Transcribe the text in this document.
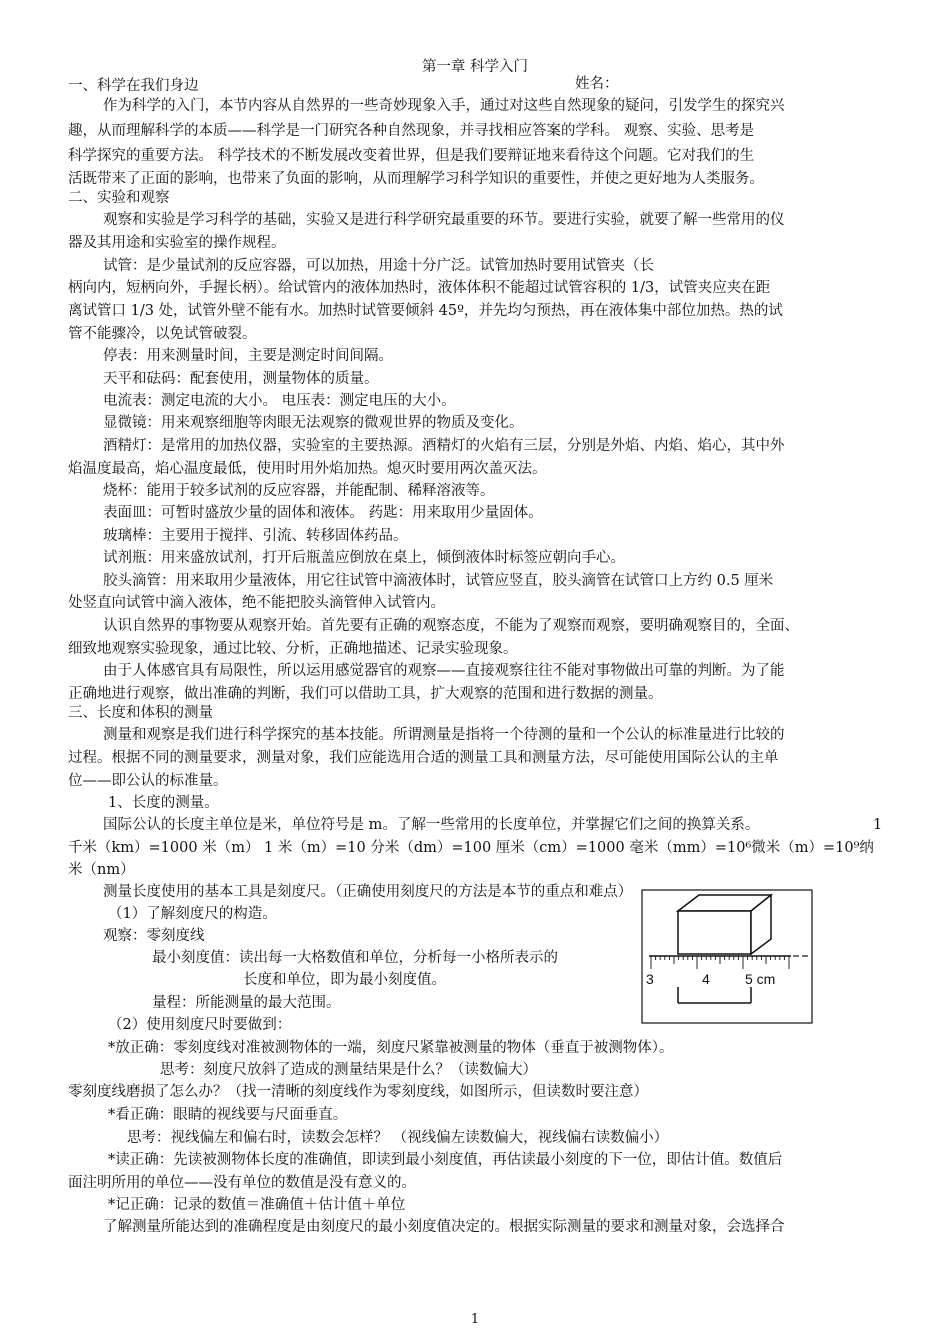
第一章 科学入门
姓名：
一、科学在我们身边
作为科学的入门，本节内容从自然界的一些奇妙现象入手，通过对这些自然现象的疑问，引发学生的探究兴
趣，从而理解科学的本质——科学是一门研究各种自然现象，并寻找相应答案的学科。 观察、实验、思考是
科学探究的重要方法。 科学技术的不断发展改变着世界，但是我们要辩证地来看待这个问题。它对我们的生
活既带来了正面的影响，也带来了负面的影响，从而理解学习科学知识的重要性，并使之更好地为人类服务。
二、实验和观察
观察和实验是学习科学的基础，实验又是进行科学研究最重要的环节。要进行实验，就要了解一些常用的仪
器及其用途和实验室的操作规程。
试管：是少量试剂的反应容器，可以加热，用途十分广泛。试管加热时要用试管夹（长
柄向内，短柄向外，手握长柄）。给试管内的液体加热时，液体体积不能超过试管容积的 1/3，试管夹应夹在距
离试管口 1/3 处，试管外壁不能有水。加热时试管要倾斜 45º，并先均匀预热，再在液体集中部位加热。热的试
管不能骤冷，以免试管破裂。
停表：用来测量时间，主要是测定时间间隔。
天平和砝码：配套使用，测量物体的质量。
电流表：测定电流的大小。 电压表：测定电压的大小。
显微镜：用来观察细胞等肉眼无法观察的微观世界的物质及变化。
酒精灯：是常用的加热仪器，实验室的主要热源。酒精灯的火焰有三层，分别是外焰、内焰、焰心，其中外
焰温度最高，焰心温度最低，使用时用外焰加热。熄灭时要用两次盖灭法。
烧杯：能用于较多试剂的反应容器，并能配制、稀释溶液等。
表面皿：可暂时盛放少量的固体和液体。 药匙：用来取用少量固体。
玻璃棒：主要用于搅拌、引流、转移固体药品。
试剂瓶：用来盛放试剂，打开后瓶盖应倒放在桌上，倾倒液体时标签应朝向手心。
胶头滴管：用来取用少量液体，用它往试管中滴液体时，试管应竖直，胶头滴管在试管口上方约 0.5 厘米
处竖直向试管中滴入液体，绝不能把胶头滴管伸入试管内。
认识自然界的事物要从观察开始。首先要有正确的观察态度，不能为了观察而观察，要明确观察目的，全面、
细致地观察实验现象，通过比较、分析，正确地描述、记录实验现象。
由于人体感官具有局限性，所以运用感觉器官的观察——直接观察往往不能对事物做出可靠的判断。为了能
正确地进行观察，做出准确的判断，我们可以借助工具，扩大观察的范围和进行数据的测量。
三、长度和体积的测量
测量和观察是我们进行科学探究的基本技能。所谓测量是指将一个待测的量和一个公认的标准量进行比较的
过程。根据不同的测量要求，测量对象，我们应能选用合适的测量工具和测量方法，尽可能使用国际公认的主单
位——即公认的标准量。
1、长度的测量。
国际公认的长度主单位是米，单位符号是 m。了解一些常用的长度单位，并掌握它们之间的换算关系。	1
千米（km）=1000 米（m） 1 米（m）=10 分米（dm）=100 厘米（cm）=1000 毫米（mm）=10⁶微米（m）=10⁹纳
米（nm）
测量长度使用的基本工具是刻度尺。（正确使用刻度尺的方法是本节的重点和难点）
（1）了解刻度尺的构造。
观察：零刻度线
最小刻度值：读出每一大格数值和单位，分析每一小格所表示的
长度和单位，即为最小刻度值。
量程：所能测量的最大范围。
（2）使用刻度尺时要做到：
*放正确：零刻度线对准被测物体的一端，刻度尺紧靠被测量的物体（垂直于被测物体）。
思考：刻度尺放斜了造成的测量结果是什么？（读数偏大）
零刻度线磨损了怎么办？（找一清晰的刻度线作为零刻度线，如图所示，但读数时要注意）
*看正确：眼睛的视线要与尺面垂直。
思考：视线偏左和偏右时，读数会怎样？ （视线偏左读数偏大，视线偏右读数偏小）
*读正确：先读被测物体长度的准确值，即读到最小刻度值，再估读最小刻度的下一位，即估计值。数值后
面注明所用的单位——没有单位的数值是没有意义的。
*记正确：记录的数值＝准确值＋估计值＋单位
了解测量所能达到的准确程度是由刻度尺的最小刻度值决定的。根据实际测量的要求和测量对象，会选择合
3	4	5 cm
1
